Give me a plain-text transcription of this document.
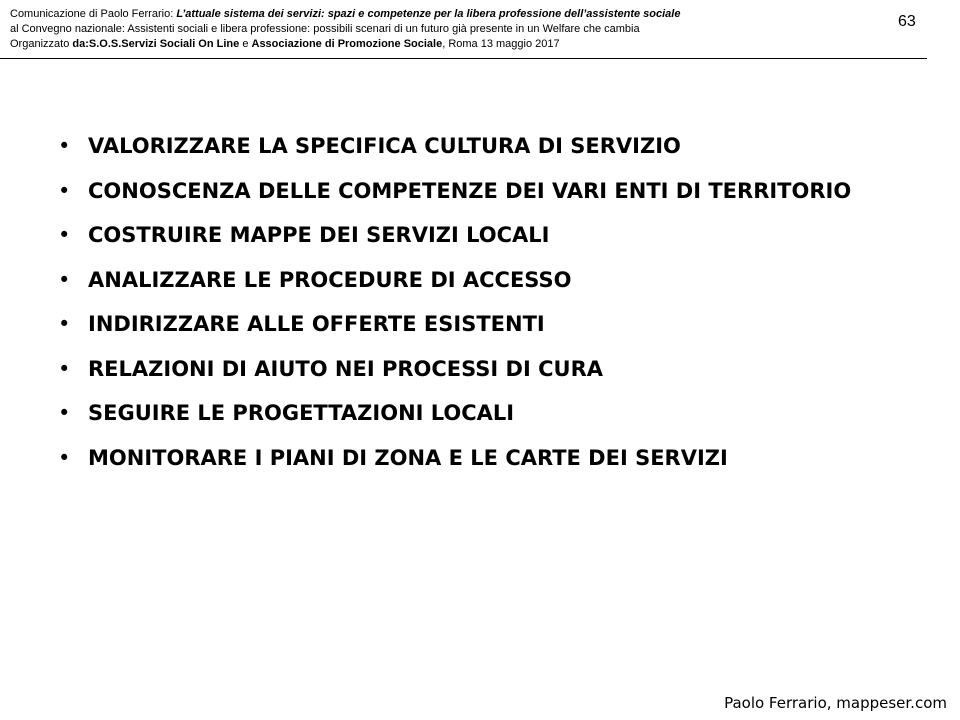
Comunicazione di Paolo Ferrario: L’attuale sistema dei servizi: spazi e competenze per la libera professione dell’assistente sociale
al Convegno nazionale: Assistenti sociali e libera professione: possibili scenari di un futuro già presente in un Welfare che cambia
Organizzato da:S.O.S.Servizi Sociali On Line e Associazione di Promozione Sociale, Roma 13 maggio 2017
63
• VALORIZZARE LA SPECIFICA CULTURA DI SERVIZIO
• CONOSCENZA DELLE COMPETENZE DEI VARI ENTI DI TERRITORIO
• COSTRUIRE MAPPE DEI SERVIZI LOCALI
• ANALIZZARE LE PROCEDURE DI ACCESSO
• INDIRIZZARE ALLE OFFERTE ESISTENTI
• RELAZIONI DI AIUTO NEI PROCESSI DI CURA
• SEGUIRE LE PROGETTAZIONI LOCALI
• MONITORARE I PIANI DI ZONA E LE CARTE DEI SERVIZI
Paolo Ferrario, mappeser.com
